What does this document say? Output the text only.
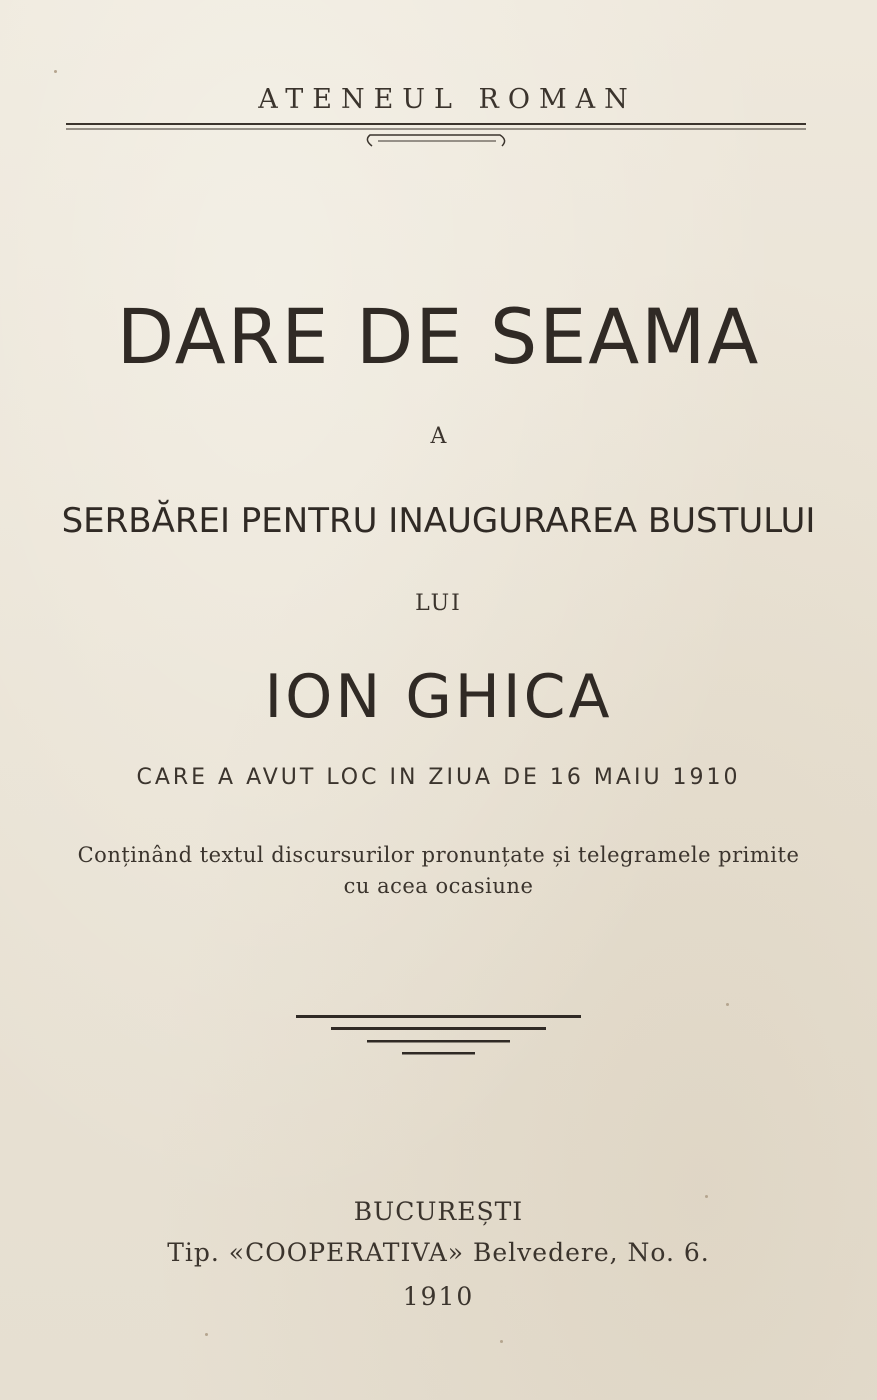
ATENEUL ROMAN
DARE DE SEAMA
A
SERBĂREI PENTRU INAUGURAREA BUSTULUI
LUI
ION GHICA
CARE A AVUT LOC IN ZIUA DE 16 MAIU 1910
Conținând textul discursurilor pronunțate și telegramele primite
cu acea ocasiune
BUCUREȘTI
Tip. «COOPERATIVA» Belvedere, No. 6.
1910
